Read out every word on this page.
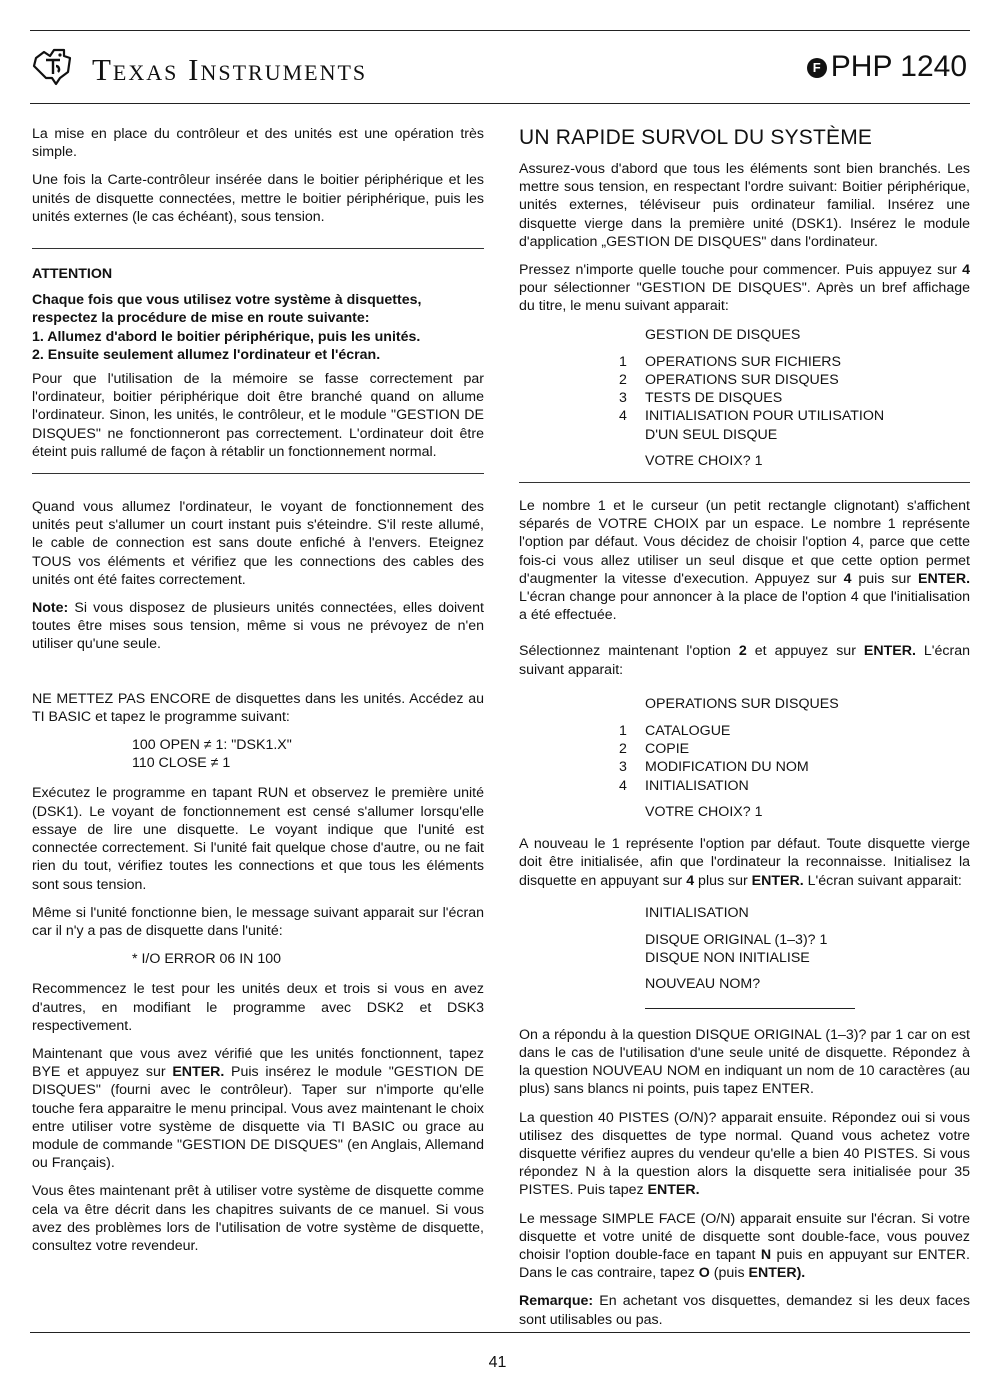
Texas Instruments	F PHP 1240

La mise en place du contrôleur et des unités est une opération très simple.

Une fois la Carte-contrôleur insérée dans le boitier périphérique et les unités de disquette connectées, mettre le boitier périphérique, puis les unités externes (le cas échéant), sous tension.

ATTENTION
Chaque fois que vous utilisez votre système à disquettes, respectez la procédure de mise en route suivante:
1. Allumez d'abord le boitier périphérique, puis les unités.
2. Ensuite seulement allumez l'ordinateur et l'écran.

Pour que l'utilisation de la mémoire se fasse correctement par l'ordinateur, boitier périphérique doit être branché quand on allume l'ordinateur. Sinon, les unités, le contrôleur, et le module "GESTION DE DISQUES" ne fonctionneront pas correctement. L'ordinateur doit être éteint puis rallumé de façon à rétablir un fonctionnement normal.

Quand vous allumez l'ordinateur, le voyant de fonctionnement des unités peut s'allumer un court instant puis s'éteindre. S'il reste allumé, le cable de connection est sans doute enfiché à l'envers. Eteignez TOUS vos éléments et vérifiez que les connections des cables des unités ont été faites correctement.

Note: Si vous disposez de plusieurs unités connectées, elles doivent toutes être mises sous tension, même si vous ne prévoyez de n'en utiliser qu'une seule.

NE METTEZ PAS ENCORE de disquettes dans les unités. Accédez au TI BASIC et tapez le programme suivant:

100 OPEN ≠ 1: "DSK1.X"
110 CLOSE ≠ 1

Exécutez le programme en tapant RUN et observez le première unité (DSK1). Le voyant de fonctionnement est censé s'allumer lorsqu'elle essaye de lire une disquette. Le voyant indique que l'unité est connectée correctement. Si l'unité fait quelque chose d'autre, ou ne fait rien du tout, vérifiez toutes les connections et que tous les éléments sont sous tension.

Même si l'unité fonctionne bien, le message suivant apparait sur l'écran car il n'y a pas de disquette dans l'unité:

* I/O ERROR 06 IN 100

Recommencez le test pour les unités deux et trois si vous en avez d'autres, en modifiant le programme avec DSK2 et DSK3 respectivement.

Maintenant que vous avez vérifié que les unités fonctionnent, tapez BYE et appuyez sur ENTER. Puis insérez le module "GESTION DE DISQUES" (fourni avec le contrôleur). Taper sur n'importe qu'elle touche fera apparaitre le menu principal. Vous avez maintenant le choix entre utiliser votre système de disquette via TI BASIC ou grace au module de commande "GESTION DE DISQUES" (en Anglais, Allemand ou Français).

Vous êtes maintenant prêt à utiliser votre système de disquette comme cela va être décrit dans les chapitres suivants de ce manuel. Si vous avez des problèmes lors de l'utilisation de votre système de disquette, consultez votre revendeur.

UN RAPIDE SURVOL DU SYSTÈME

Assurez-vous d'abord que tous les éléments sont bien branchés. Les mettre sous tension, en respectant l'ordre suivant: Boitier périphérique, unités externes, téléviseur puis ordinateur familial. Insérez une disquette vierge dans la première unité (DSK1). Insérez le module d'application „GESTION DE DISQUES" dans l'ordinateur.

Pressez n'importe quelle touche pour commencer. Puis appuyez sur 4 pour sélectionner "GESTION DE DISQUES". Après un bref affichage du titre, le menu suivant apparait:

GESTION DE DISQUES
1	OPERATIONS SUR FICHIERS
2	OPERATIONS SUR DISQUES
3	TESTS DE DISQUES
4	INITIALISATION POUR UTILISATION
D'UN SEUL DISQUE
VOTRE CHOIX? 1

Le nombre 1 et le curseur (un petit rectangle clignotant) s'affichent séparés de VOTRE CHOIX par un espace. Le nombre 1 représente l'option par défaut. Vous décidez de choisir l'option 4, parce que cette fois-ci vous allez utiliser un seul disque et que cette option permet d'augmenter la vitesse d'execution. Appuyez sur 4 puis sur ENTER. L'écran change pour annoncer à la place de l'option 4 que l'initialisation a été effectuée.

Sélectionnez maintenant l'option 2 et appuyez sur ENTER. L'écran suivant apparait:

OPERATIONS SUR DISQUES
1	CATALOGUE
2	COPIE
3	MODIFICATION DU NOM
4	INITIALISATION
VOTRE CHOIX? 1

A nouveau le 1 représente l'option par défaut. Toute disquette vierge doit être initialisée, afin que l'ordinateur la reconnaisse. Initialisez la disquette en appuyant sur 4 plus sur ENTER. L'écran suivant apparait:

INITIALISATION
DISQUE ORIGINAL (1–3)? 1
DISQUE NON INITIALISE
NOUVEAU NOM?

On a répondu à la question DISQUE ORIGINAL (1–3)? par 1 car on est dans le cas de l'utilisation d'une seule unité de disquette. Répondez à la question NOUVEAU NOM en indiquant un nom de 10 caractères (au plus) sans blancs ni points, puis tapez ENTER.

La question 40 PISTES (O/N)? apparait ensuite. Répondez oui si vous utilisez des disquettes de type normal. Quand vous achetez votre disquette vérifiez aupres du vendeur qu'elle a bien 40 PISTES. Si vous répondez N à la question alors la disquette sera initialisée pour 35 PISTES. Puis tapez ENTER.

Le message SIMPLE FACE (O/N) apparait ensuite sur l'écran. Si votre disquette et votre unité de disquette sont double-face, vous pouvez choisir l'option double-face en tapant N puis en appuyant sur ENTER. Dans le cas contraire, tapez O (puis ENTER).

Remarque: En achetant vos disquettes, demandez si les deux faces sont utilisables ou pas.

41
